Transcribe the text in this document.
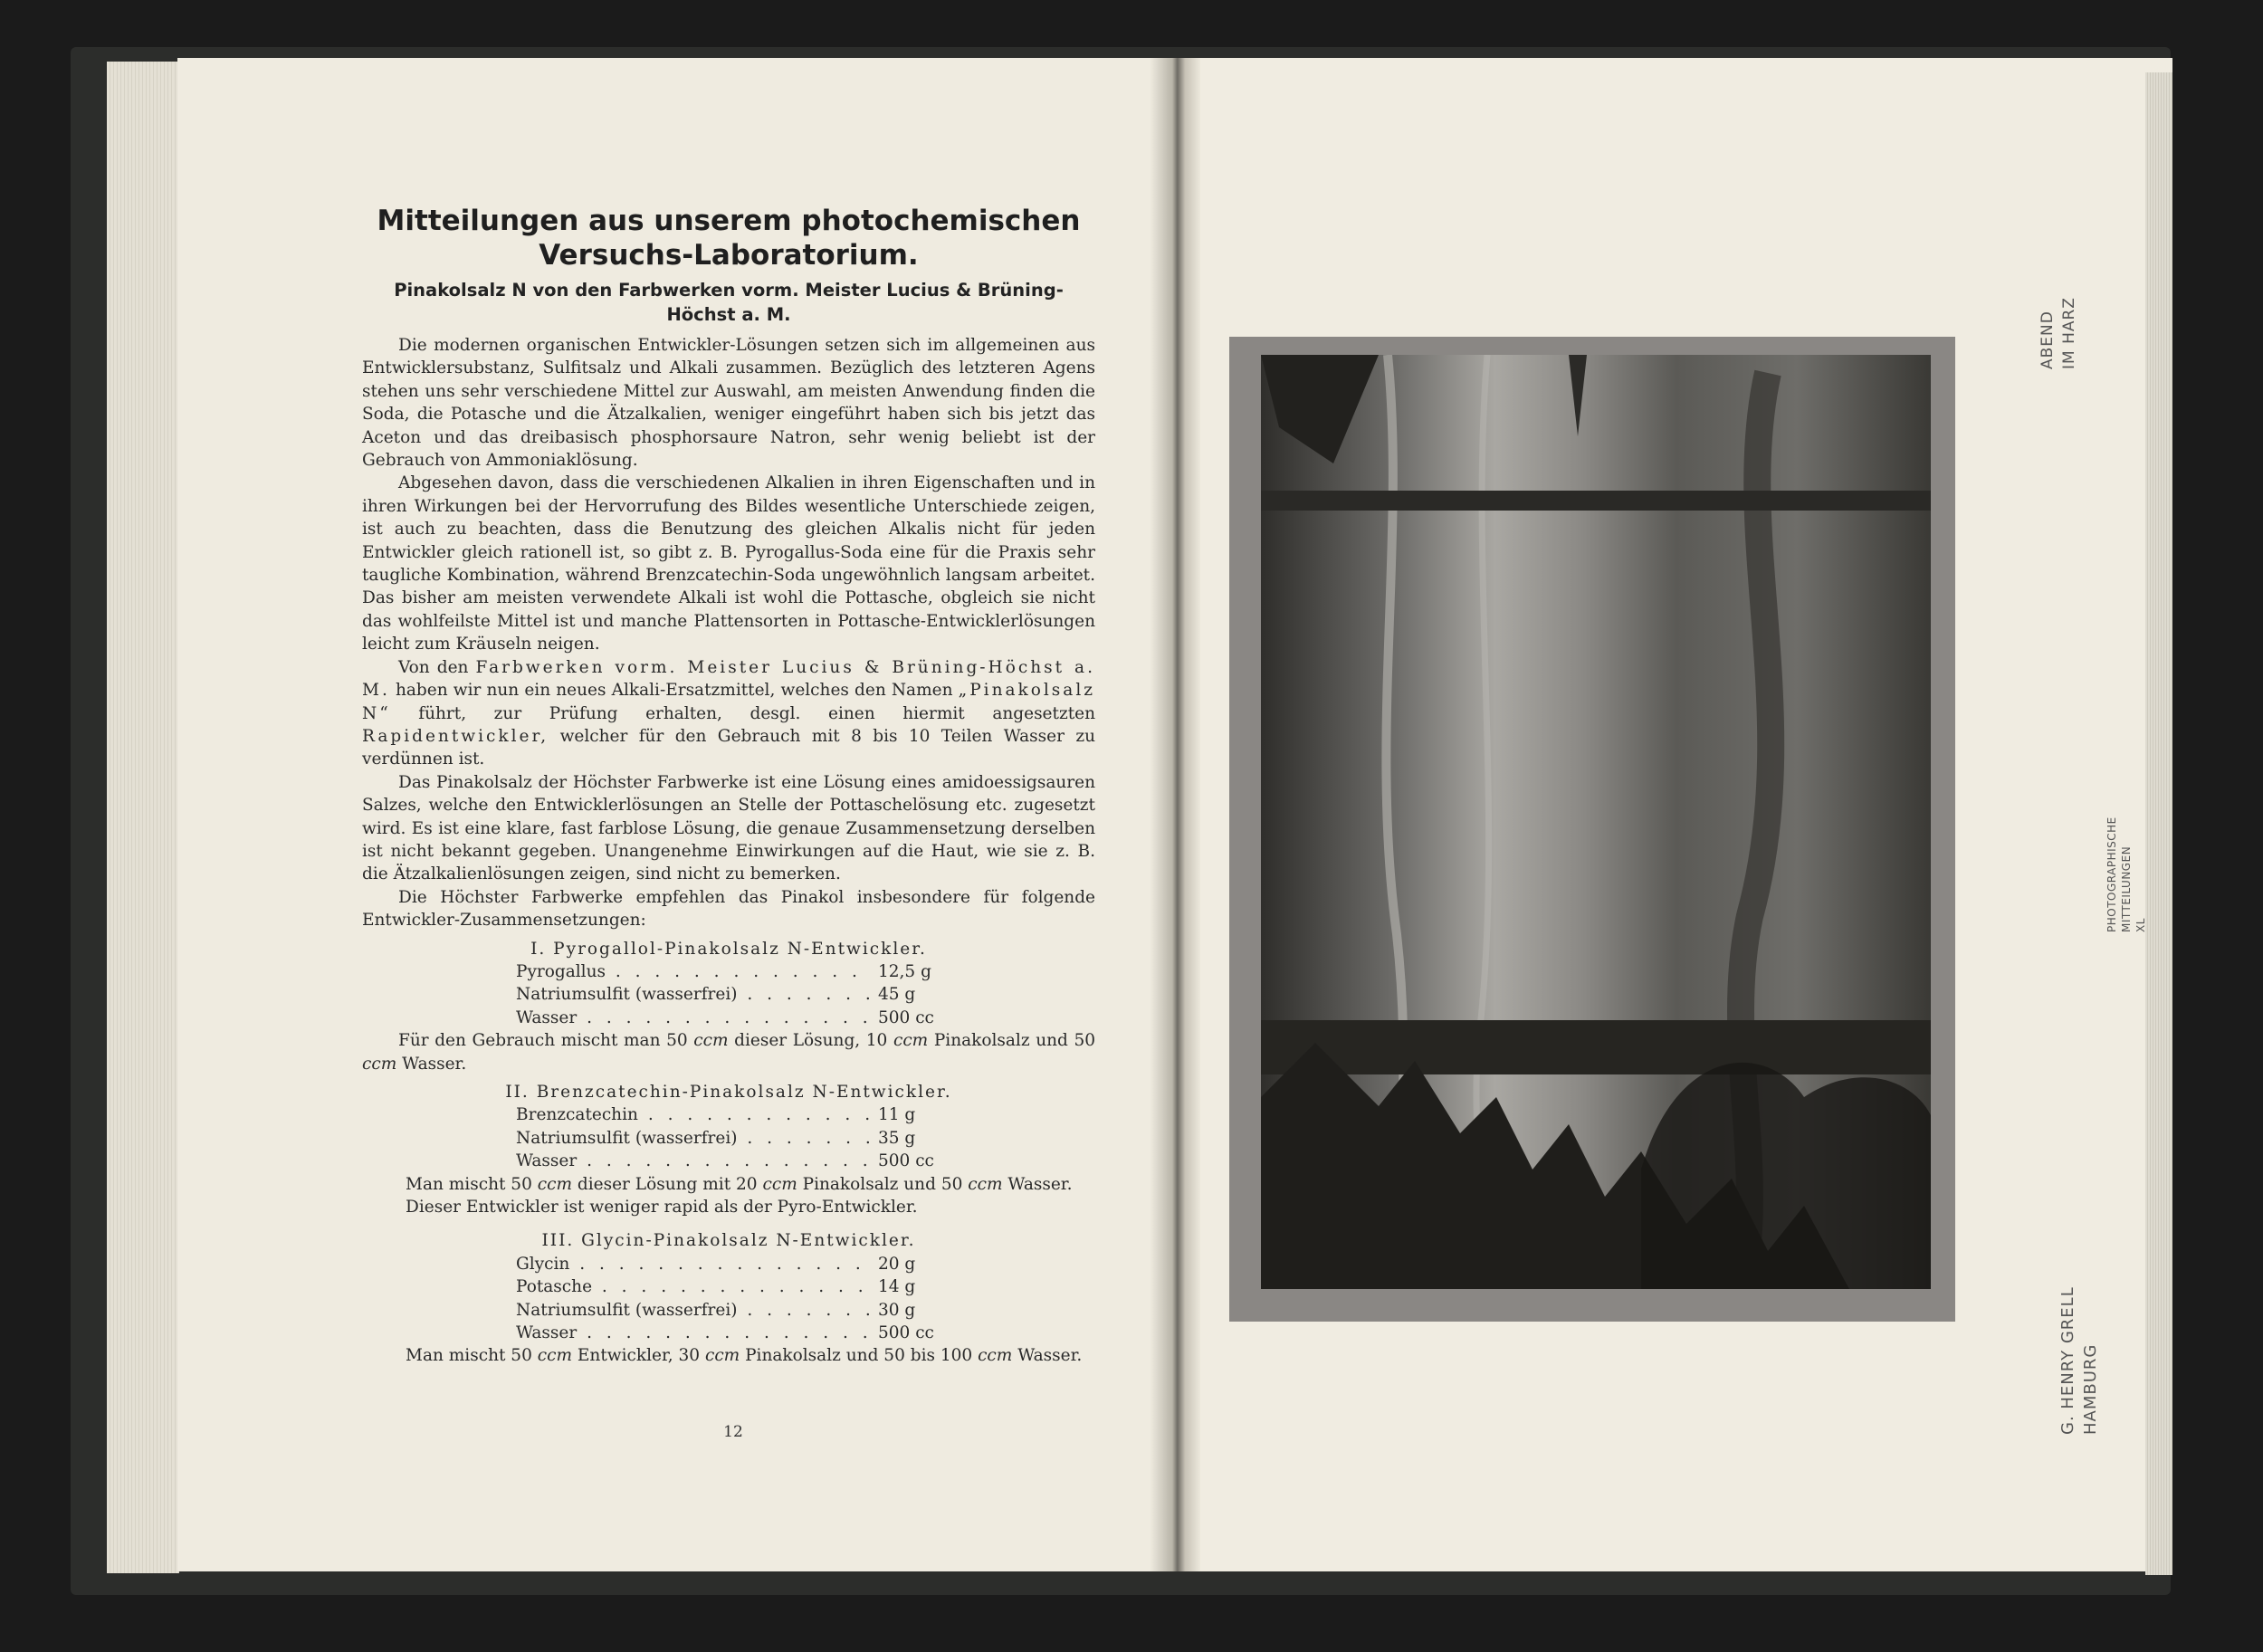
Mitteilungen aus unserem photochemischen
Versuchs-Laboratorium.
Pinakolsalz N von den Farbwerken vorm. Meister Lucius & Brüning-Höchst a. M.

Die modernen organischen Entwickler-Lösungen setzen sich im allgemeinen aus Entwicklersubstanz, Sulfitsalz und Alkali zusammen. Bezüglich des letzteren Agens stehen uns sehr verschiedene Mittel zur Auswahl, am meisten Anwendung finden die Soda, die Potasche und die Ätzalkalien, weniger eingeführt haben sich bis jetzt das Aceton und das dreibasisch phosphorsaure Natron, sehr wenig beliebt ist der Gebrauch von Ammoniaklösung.

Abgesehen davon, dass die verschiedenen Alkalien in ihren Eigenschaften und in ihren Wirkungen bei der Hervorrufung des Bildes wesentliche Unterschiede zeigen, ist auch zu beachten, dass die Benutzung des gleichen Alkalis nicht für jeden Entwickler gleich rationell ist, so gibt z. B. Pyrogallus-Soda eine für die Praxis sehr taugliche Kombination, während Brenzcatechin-Soda ungewöhnlich langsam arbeitet. Das bisher am meisten verwendete Alkali ist wohl die Pottasche, obgleich sie nicht das wohlfeilste Mittel ist und manche Plattensorten in Pottasche-Entwicklerlösungen leicht zum Kräuseln neigen.

Von den Farbwerken vorm. Meister Lucius & Brüning-Höchst a. M. haben wir nun ein neues Alkali-Ersatzmittel, welches den Namen „Pinakolsalz N“ führt, zur Prüfung erhalten, desgl. einen hiermit angesetzten Rapidentwickler, welcher für den Gebrauch mit 8 bis 10 Teilen Wasser zu verdünnen ist.

Das Pinakolsalz der Höchster Farbwerke ist eine Lösung eines amidoessigsauren Salzes, welche den Entwicklerlösungen an Stelle der Pottaschelösung etc. zugesetzt wird. Es ist eine klare, fast farblose Lösung, die genaue Zusammensetzung derselben ist nicht bekannt gegeben. Unangenehme Einwirkungen auf die Haut, wie sie z. B. die Ätzalkalienlösungen zeigen, sind nicht zu bemerken.

Die Höchster Farbwerke empfehlen das Pinakol insbesondere für folgende Entwickler-Zusammensetzungen:

I. Pyrogallol-Pinakolsalz N-Entwickler.
Pyrogallus . . .	12,5 g
Natriumsulfit (wasserfrei) . . .	45 g
Wasser . . .	500 cc

Für den Gebrauch mischt man 50 ccm dieser Lösung, 10 ccm Pinakolsalz und 50 ccm Wasser.

II. Brenzcatechin-Pinakolsalz N-Entwickler.
Brenzcatechin . . .	11 g
Natriumsulfit (wasserfrei) . . .	35 g
Wasser . . .	500 cc

Man mischt 50 ccm dieser Lösung mit 20 ccm Pinakolsalz und 50 ccm Wasser.
Dieser Entwickler ist weniger rapid als der Pyro-Entwickler.

III. Glycin-Pinakolsalz N-Entwickler.
Glycin . . .	20 g
Potasche . . .	14 g
Natriumsulfit (wasserfrei) . . .	30 g
Wasser . . .	500 cc

Man mischt 50 ccm Entwickler, 30 ccm Pinakolsalz und 50 bis 100 ccm Wasser.

12
ABEND IM HARZ
PHOTOGRAPHISCHE MITTEILUNGEN XL
G. HENRY GRELL HAMBURG
